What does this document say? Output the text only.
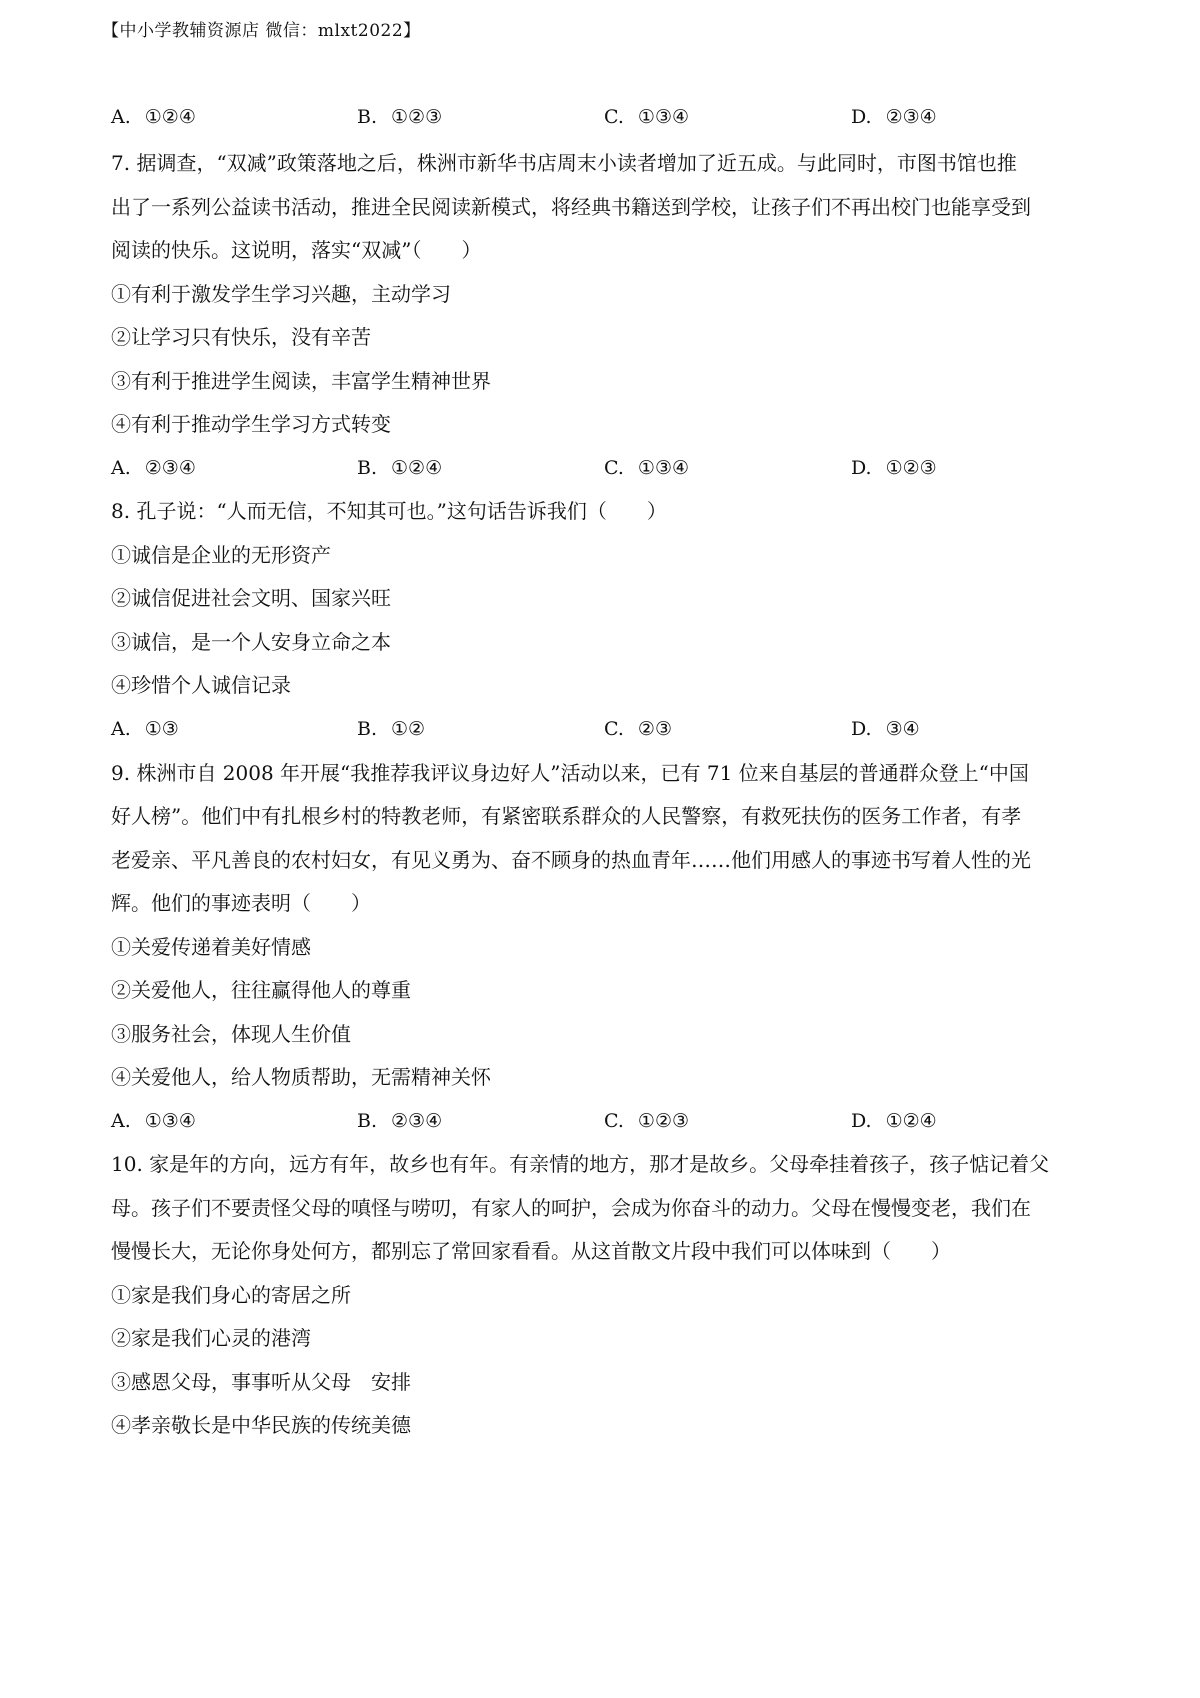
【中小学教辅资源店 微信：mlxt2022】
A. ①②④	B. ①②③	C. ①③④	D. ②③④
7. 据调查，“双减”政策落地之后，株洲市新华书店周末小读者增加了近五成。与此同时，市图书馆也推
出了一系列公益读书活动，推进全民阅读新模式，将经典书籍送到学校，让孩子们不再出校门也能享受到
阅读的快乐。这说明，落实“双减”（　　）
①有利于激发学生学习兴趣，主动学习
②让学习只有快乐，没有辛苦
③有利于推进学生阅读，丰富学生精神世界
④有利于推动学生学习方式转变
A. ②③④	B. ①②④	C. ①③④	D. ①②③
8. 孔子说：“人而无信，不知其可也。”这句话告诉我们（　　）
①诚信是企业的无形资产
②诚信促进社会文明、国家兴旺
③诚信，是一个人安身立命之本
④珍惜个人诚信记录
A. ①③	B. ①②	C. ②③	D. ③④
9. 株洲市自 2008 年开展“我推荐我评议身边好人”活动以来，已有 71 位来自基层的普通群众登上“中国
好人榜”。他们中有扎根乡村的特教老师，有紧密联系群众的人民警察，有救死扶伤的医务工作者，有孝
老爱亲、平凡善良的农村妇女，有见义勇为、奋不顾身的热血青年……他们用感人的事迹书写着人性的光
辉。他们的事迹表明（　　）
①关爱传递着美好情感
②关爱他人，往往赢得他人的尊重
③服务社会，体现人生价值
④关爱他人，给人物质帮助，无需精神关怀
A. ①③④	B. ②③④	C. ①②③	D. ①②④
10. 家是年的方向，远方有年，故乡也有年。有亲情的地方，那才是故乡。父母牵挂着孩子，孩子惦记着父
母。孩子们不要责怪父母的嗔怪与唠叨，有家人的呵护，会成为你奋斗的动力。父母在慢慢变老，我们在
慢慢长大，无论你身处何方，都别忘了常回家看看。从这首散文片段中我们可以体味到（　　）
①家是我们身心的寄居之所
②家是我们心灵的港湾
③感恩父母，事事听从父母　安排
④孝亲敬长是中华民族的传统美德
